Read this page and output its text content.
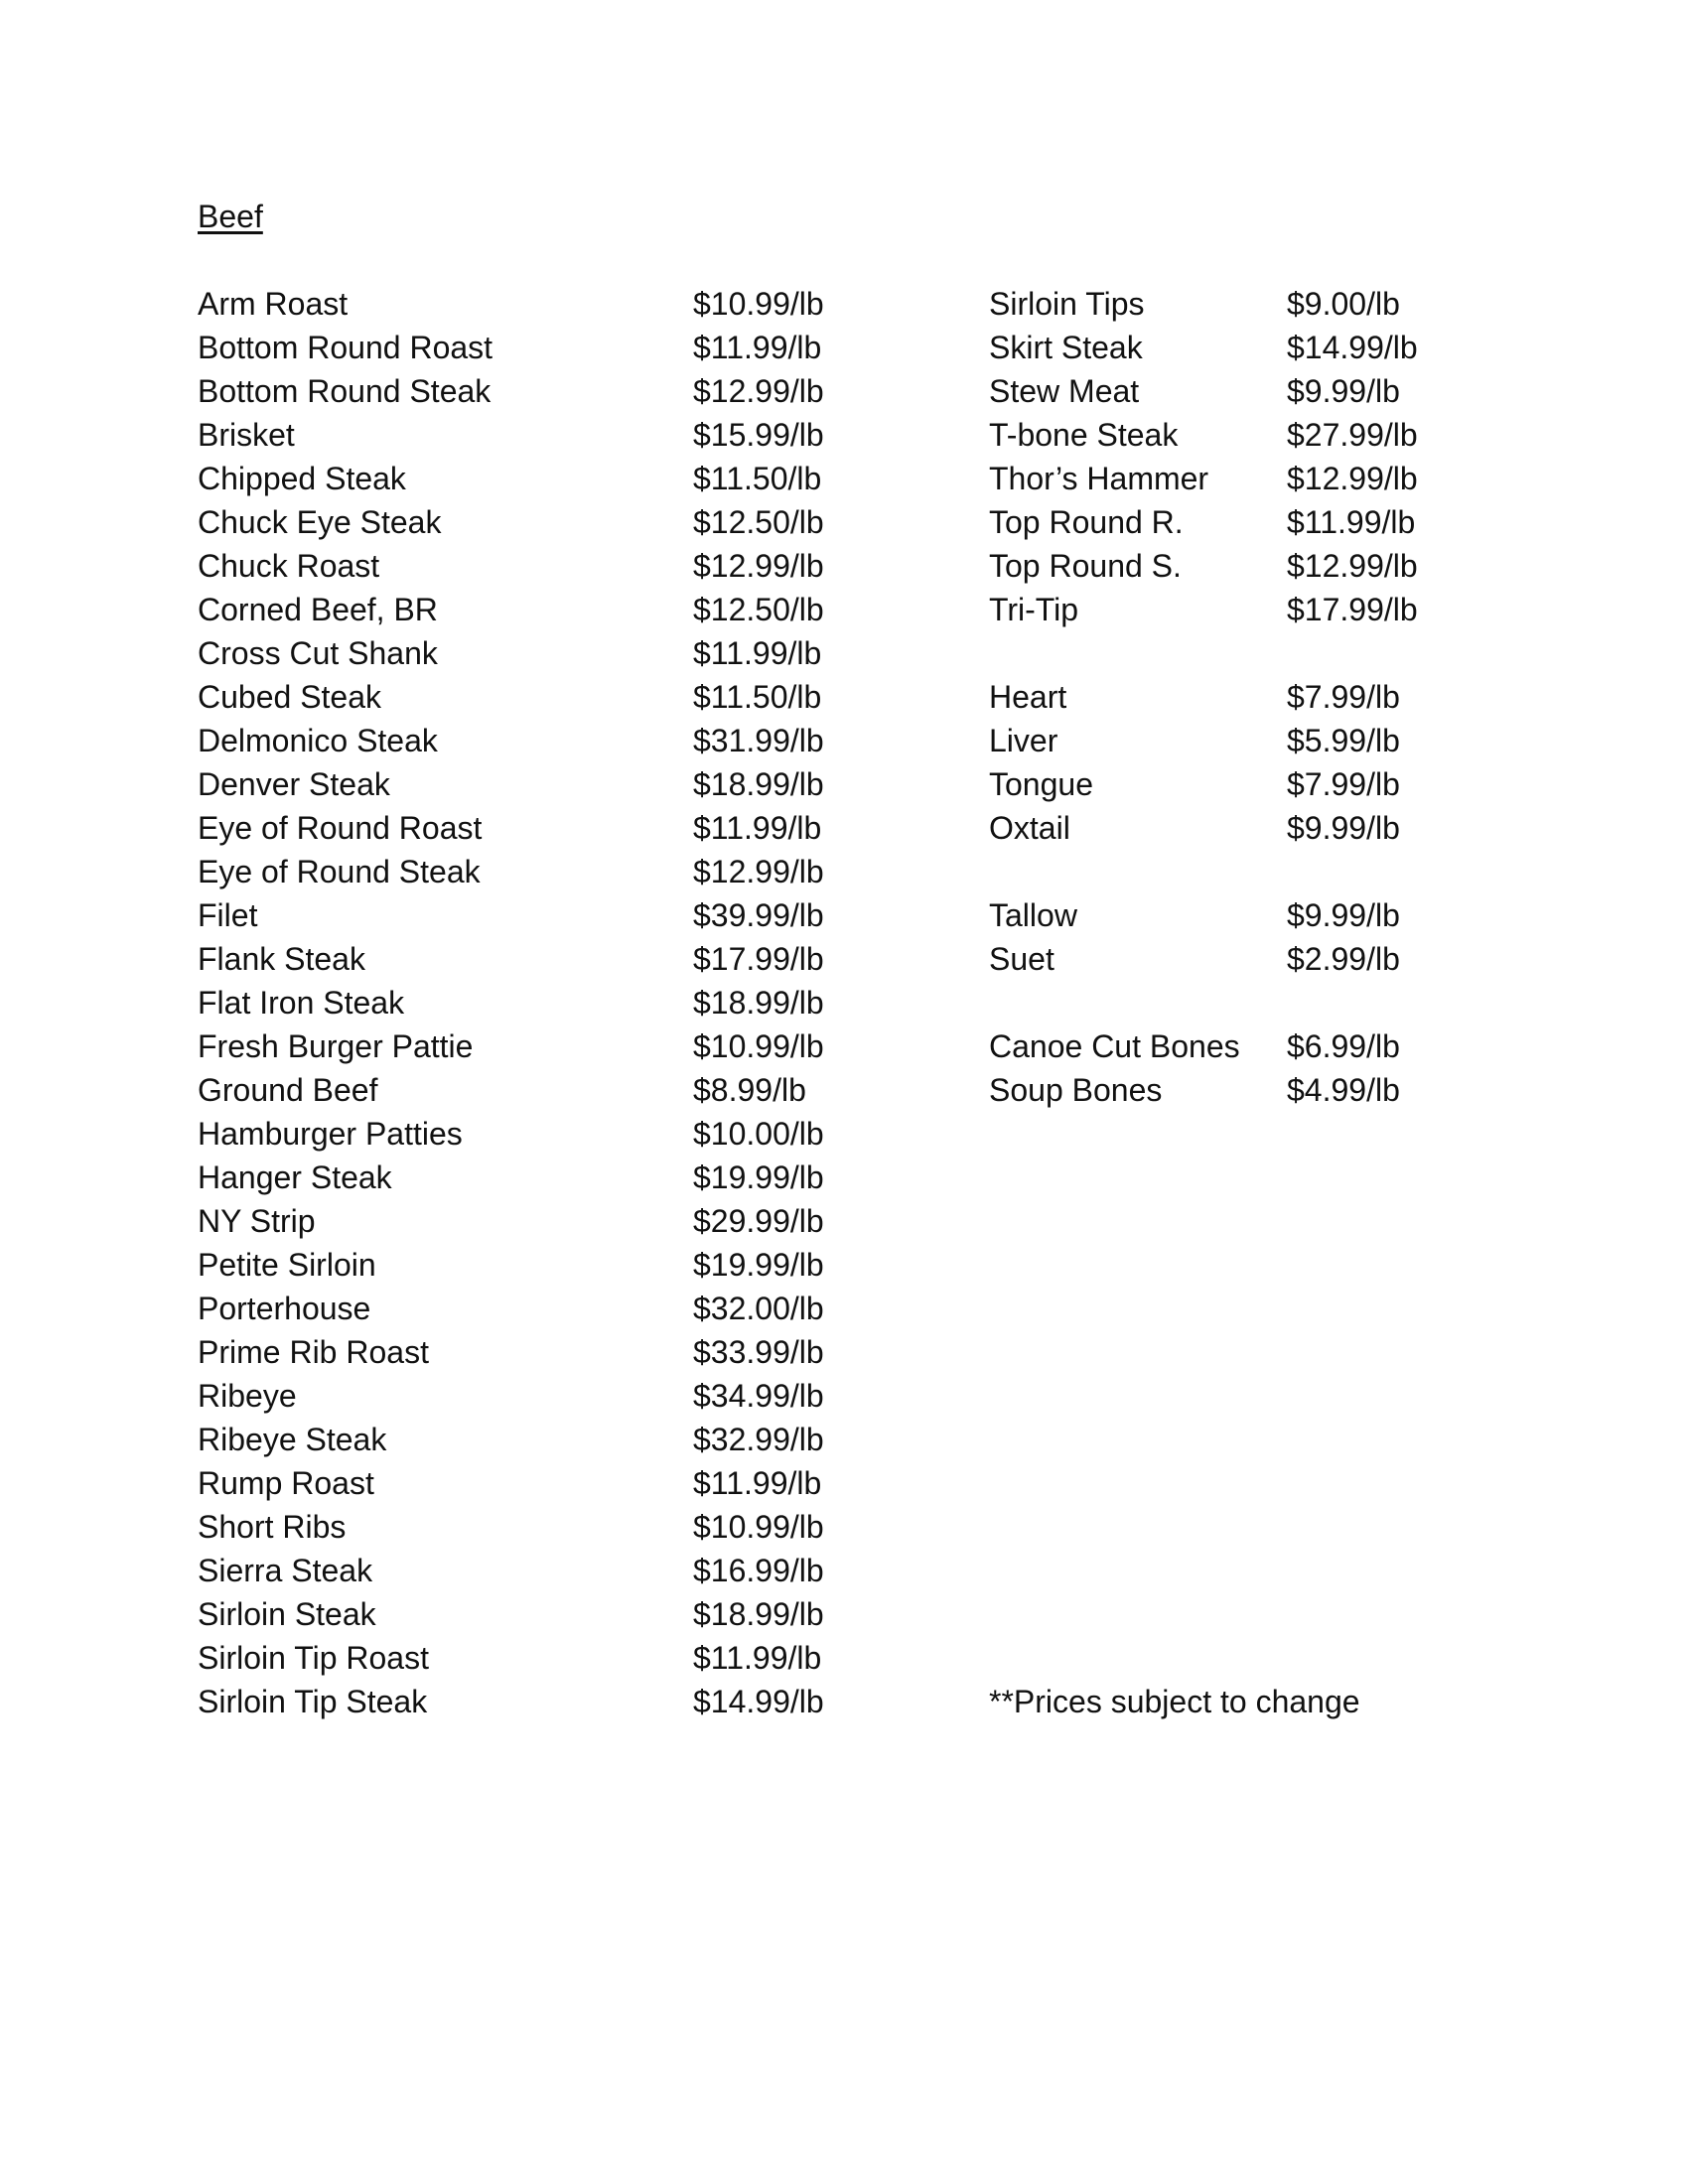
Beef
Arm Roast	$10.99/lb
Bottom Round Roast	$11.99/lb
Bottom Round Steak	$12.99/lb
Brisket	$15.99/lb
Chipped Steak	$11.50/lb
Chuck Eye Steak	$12.50/lb
Chuck Roast	$12.99/lb
Corned Beef, BR	$12.50/lb
Cross Cut Shank	$11.99/lb
Cubed Steak	$11.50/lb
Delmonico Steak	$31.99/lb
Denver Steak	$18.99/lb
Eye of Round Roast	$11.99/lb
Eye of Round Steak	$12.99/lb
Filet	$39.99/lb
Flank Steak	$17.99/lb
Flat Iron Steak	$18.99/lb
Fresh Burger Pattie	$10.99/lb
Ground Beef	$8.99/lb
Hamburger Patties	$10.00/lb
Hanger Steak	$19.99/lb
NY Strip	$29.99/lb
Petite Sirloin	$19.99/lb
Porterhouse	$32.00/lb
Prime Rib Roast	$33.99/lb
Ribeye	$34.99/lb
Ribeye Steak	$32.99/lb
Rump Roast	$11.99/lb
Short Ribs	$10.99/lb
Sierra Steak	$16.99/lb
Sirloin Steak	$18.99/lb
Sirloin Tip Roast	$11.99/lb
Sirloin Tip Steak	$14.99/lb
Sirloin Tips	$9.00/lb
Skirt Steak	$14.99/lb
Stew Meat	$9.99/lb
T-bone Steak	$27.99/lb
Thor’s Hammer $12.99/lb
Top Round R.	$11.99/lb
Top Round S.	$12.99/lb
Tri-Tip	$17.99/lb
Heart	$7.99/lb
Liver	$5.99/lb
Tongue	$7.99/lb
Oxtail	$9.99/lb
Tallow	$9.99/lb
Suet	$2.99/lb
Canoe Cut Bones $6.99/lb
Soup Bones	$4.99/lb
**Prices subject to change
